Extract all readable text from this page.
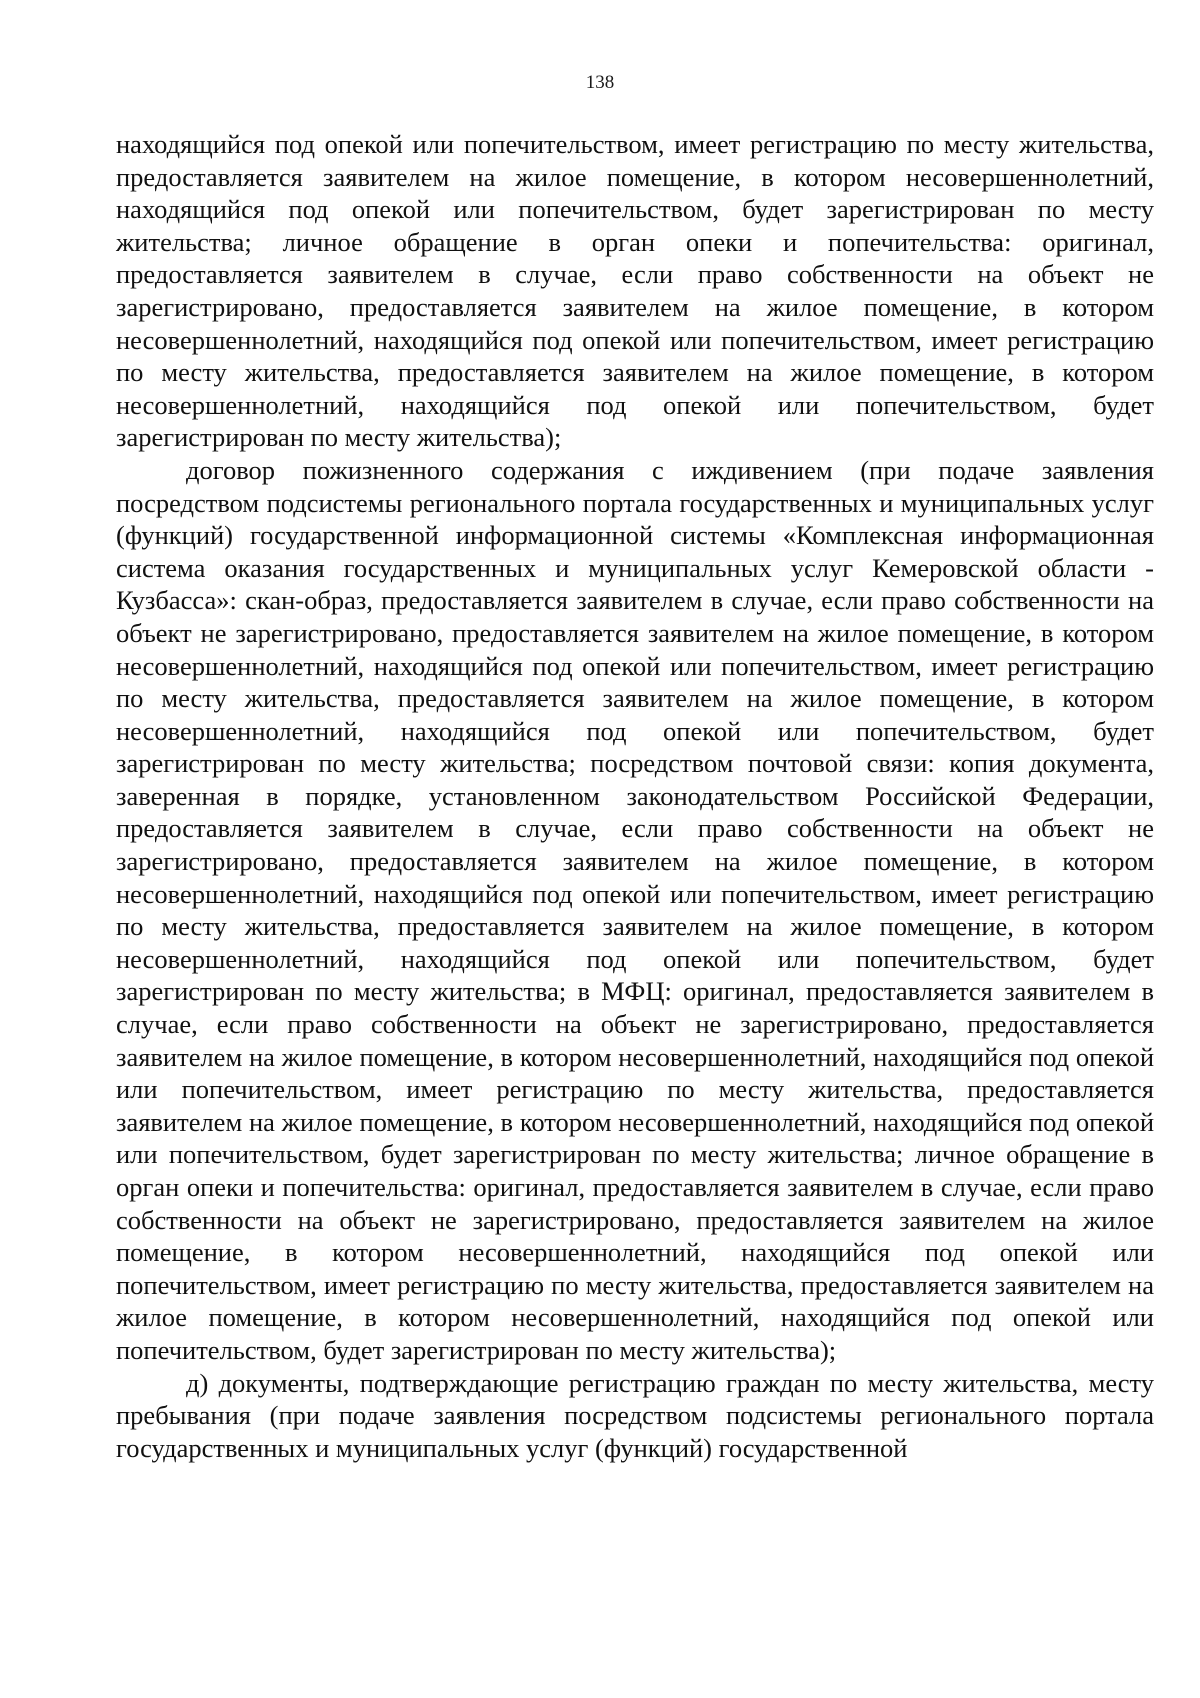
138

находящийся под опекой или попечительством, имеет регистрацию по месту жительства, предоставляется заявителем на жилое помещение, в котором несовершеннолетний, находящийся под опекой или попечительством, будет зарегистрирован по месту жительства; личное обращение в орган опеки и попечительства: оригинал, предоставляется заявителем в случае, если право собственности на объект не зарегистрировано, предоставляется заявителем на жилое помещение, в котором несовершеннолетний, находящийся под опекой или попечительством, имеет регистрацию по месту жительства, предоставляется заявителем на жилое помещение, в котором несовершеннолетний, находящийся под опекой или попечительством, будет зарегистрирован по месту жительства);

договор пожизненного содержания с иждивением (при подаче заявления посредством подсистемы регионального портала государственных и муниципальных услуг (функций) государственной информационной системы «Комплексная информационная система оказания государственных и муниципальных услуг Кемеровской области - Кузбасса»: скан-образ, предоставляется заявителем в случае, если право собственности на объект не зарегистрировано, предоставляется заявителем на жилое помещение, в котором несовершеннолетний, находящийся под опекой или попечительством, имеет регистрацию по месту жительства, предоставляется заявителем на жилое помещение, в котором несовершеннолетний, находящийся под опекой или попечительством, будет зарегистрирован по месту жительства; посредством почтовой связи: копия документа, заверенная в порядке, установленном законодательством Российской Федерации, предоставляется заявителем в случае, если право собственности на объект не зарегистрировано, предоставляется заявителем на жилое помещение, в котором несовершеннолетний, находящийся под опекой или попечительством, имеет регистрацию по месту жительства, предоставляется заявителем на жилое помещение, в котором несовершеннолетний, находящийся под опекой или попечительством, будет зарегистрирован по месту жительства; в МФЦ: оригинал, предоставляется заявителем в случае, если право собственности на объект не зарегистрировано, предоставляется заявителем на жилое помещение, в котором несовершеннолетний, находящийся под опекой или попечительством, имеет регистрацию по месту жительства, предоставляется заявителем на жилое помещение, в котором несовершеннолетний, находящийся под опекой или попечительством, будет зарегистрирован по месту жительства; личное обращение в орган опеки и попечительства: оригинал, предоставляется заявителем в случае, если право собственности на объект не зарегистрировано, предоставляется заявителем на жилое помещение, в котором несовершеннолетний, находящийся под опекой или попечительством, имеет регистрацию по месту жительства, предоставляется заявителем на жилое помещение, в котором несовершеннолетний, находящийся под опекой или попечительством, будет зарегистрирован по месту жительства);

д) документы, подтверждающие регистрацию граждан по месту жительства, месту пребывания (при подаче заявления посредством подсистемы регионального портала государственных и муниципальных услуг (функций) государственной
